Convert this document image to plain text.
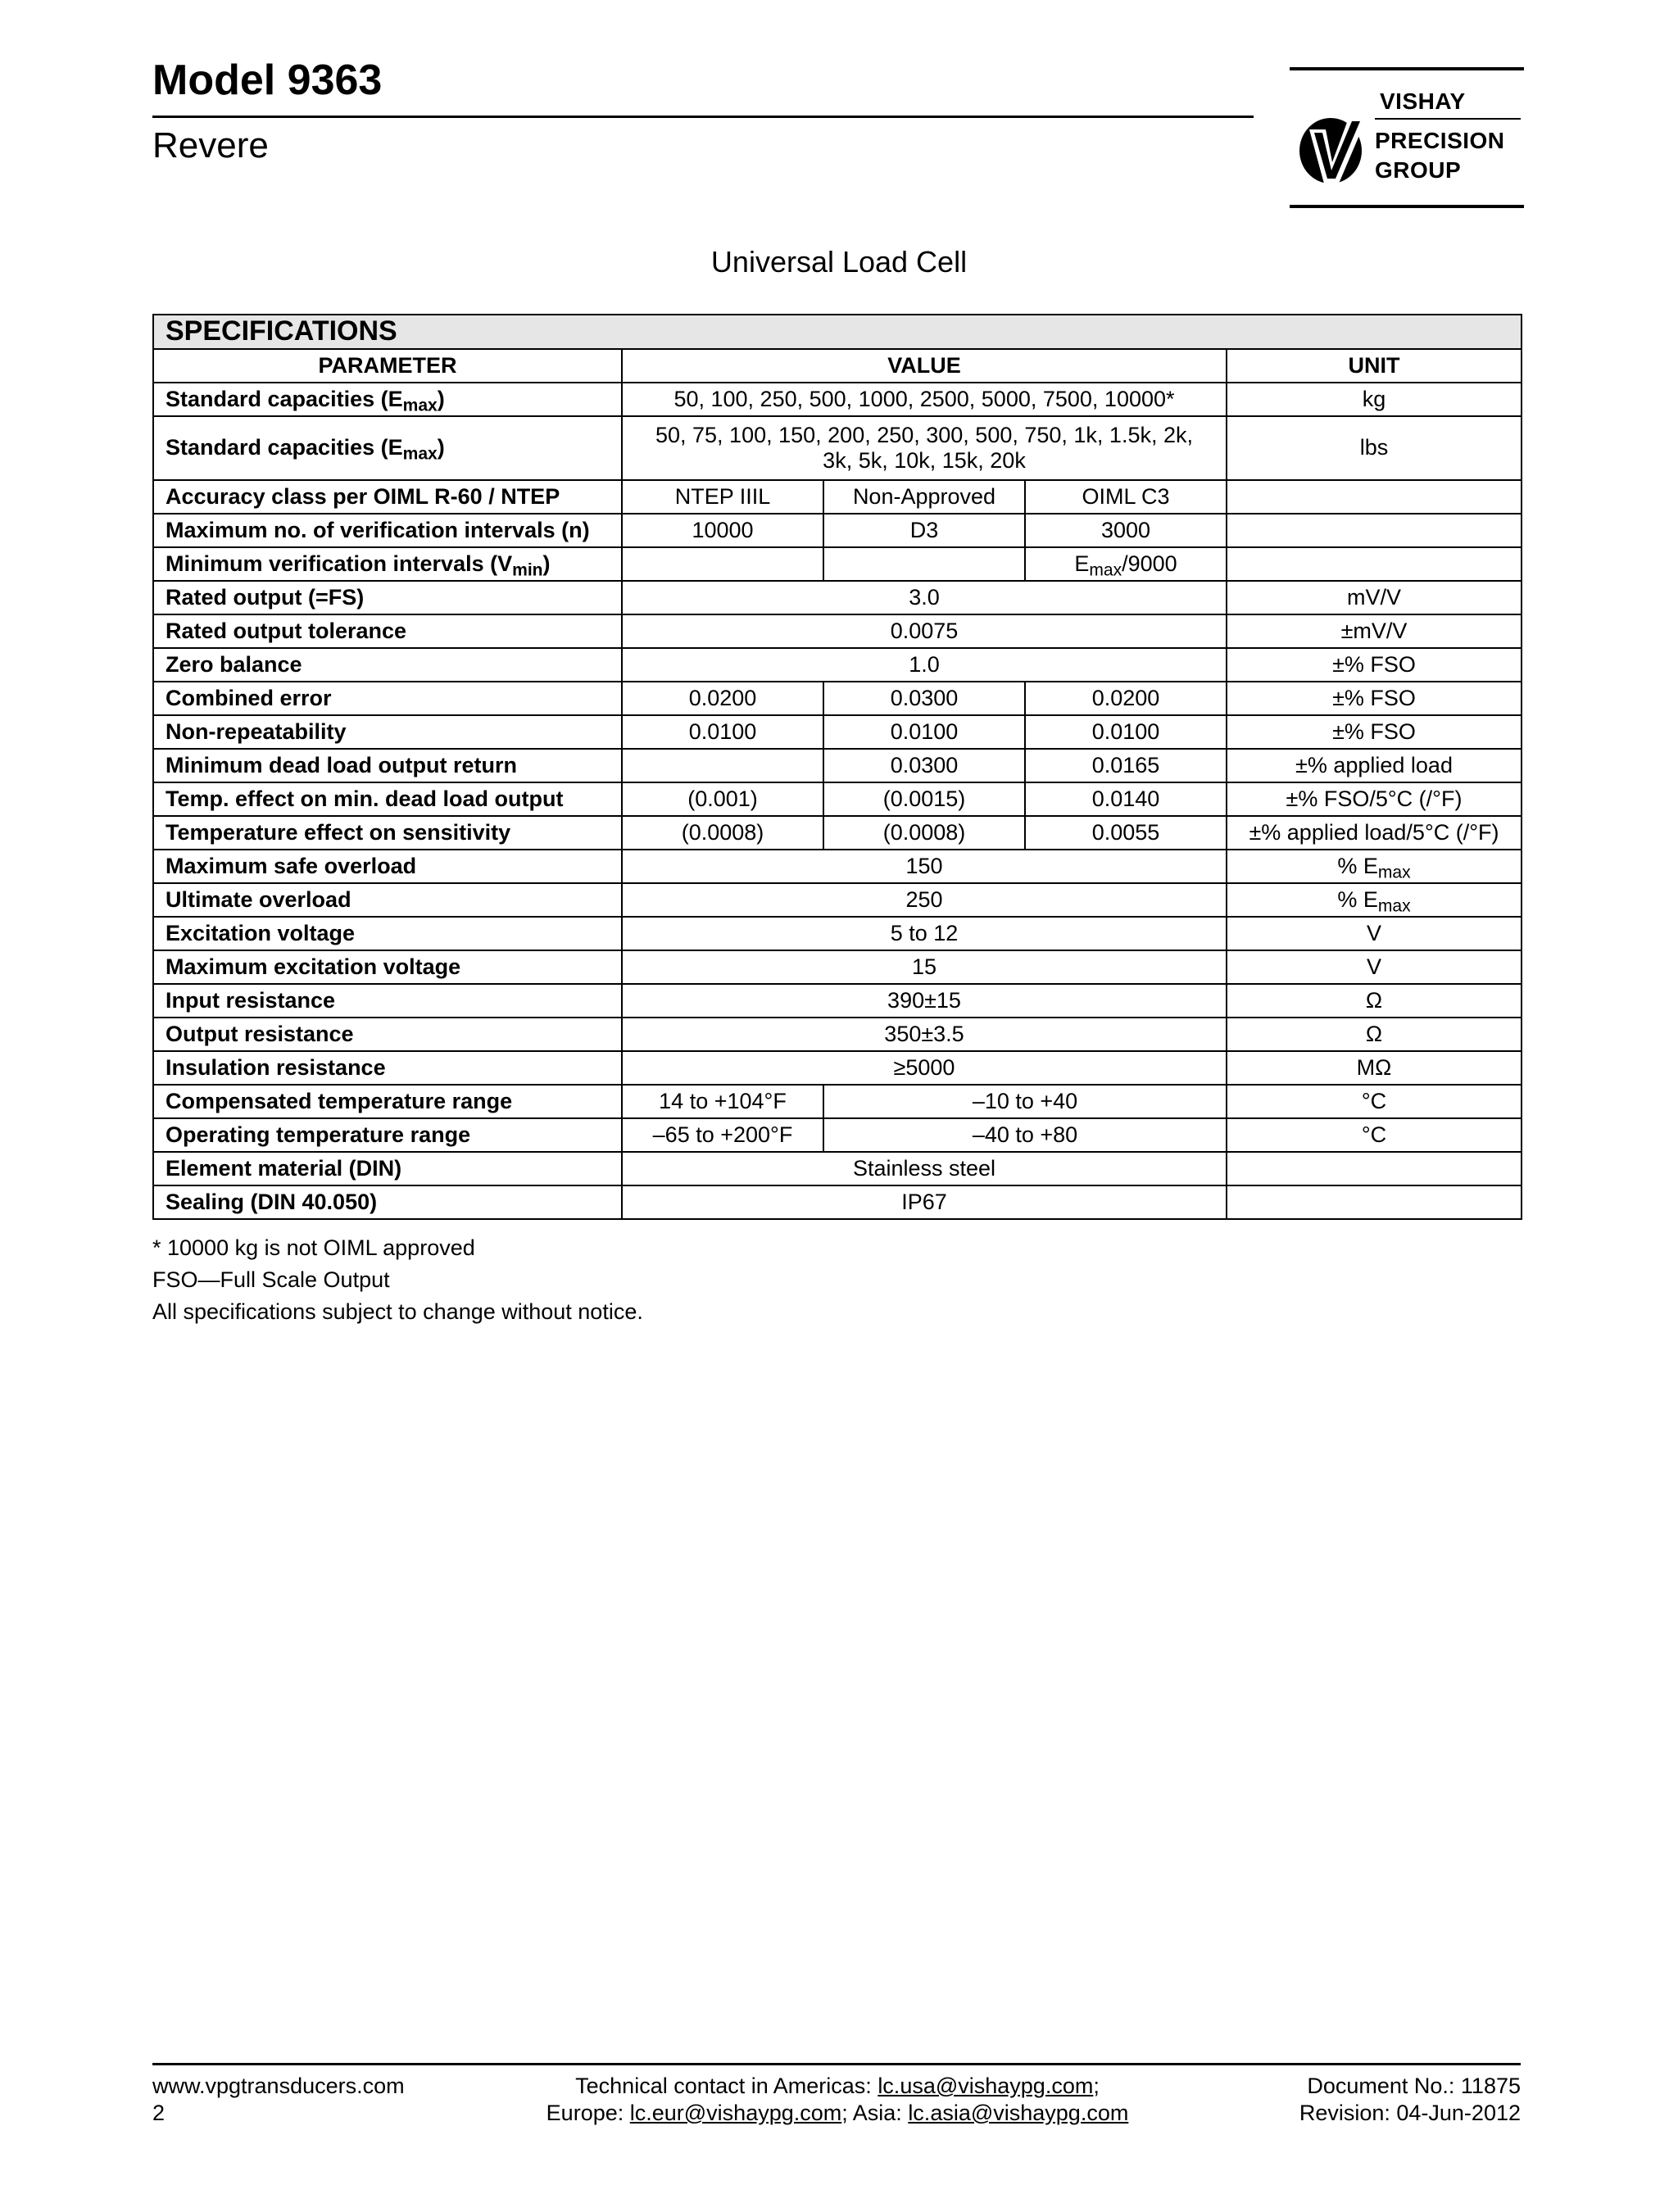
Model 9363
Revere
VISHAY
PRECISION
GROUP
Universal Load Cell
SPECIFICATIONS				
PARAMETER	VALUE			UNIT
Standard capacities $(E_{max})$	50, 100, 250, 500, 1000, 2500, 5000, 7500, 10000*			kg
Standard capacities $(E_{max})$	50, 75, 100, 150, 200, 250, 300, 500, 750, 1k, 1.5k, 2k,
3k, 5k, 10k, 15k, 20k			lbs
Accuracy class per OIML R-60 / NTEP	NTEP IIIL	Non-Approved	OIML C3	
Maximum no. of verification intervals (n)	10000	D3	3000	
Minimum verification intervals $(V_{min})$			$E_{max}/9000$	
Rated output (=FS)	3.0			mV/V
Rated output tolerance	0.0075			±mV/V
Zero balance	1.0			±% FSO
Combined error	0.0200	0.0300	0.0200	±% FSO
Non-repeatability	0.0100	0.0100	0.0100	±% FSO
Minimum dead load output return		0.0300	0.0165	±% applied load
Temp. effect on min. dead load output	(0.001)	(0.0015)	0.0140	±% FSO/5°C (/°F)
Temperature effect on sensitivity	(0.0008)	(0.0008)	0.0055	±% applied load/5°C (/°F)
Maximum safe overload	150			% $E_{max}$
Ultimate overload	250			% $E_{max}$
Excitation voltage	5 to 12			V
Maximum excitation voltage	15			V
Input resistance	390±15			Ω
Output resistance	350±3.5			Ω
Insulation resistance	≥5000			MΩ
Compensated temperature range	14 to +104°F	–10 to +40		°C
Operating temperature range	–65 to +200°F	–40 to +80		°C
Element material (DIN)	Stainless steel			
Sealing (DIN 40.050)	IP67			
* 10000 kg is not OIML approved
FSO—Full Scale Output
All specifications subject to change without notice.
www.vpgtransducers.com
2
Technical contact in Americas: lc.usa@vishaypg.com;
Europe: lc.eur@vishaypg.com; Asia: lc.asia@vishaypg.com
Document No.: 11875
Revision: 04-Jun-2012
